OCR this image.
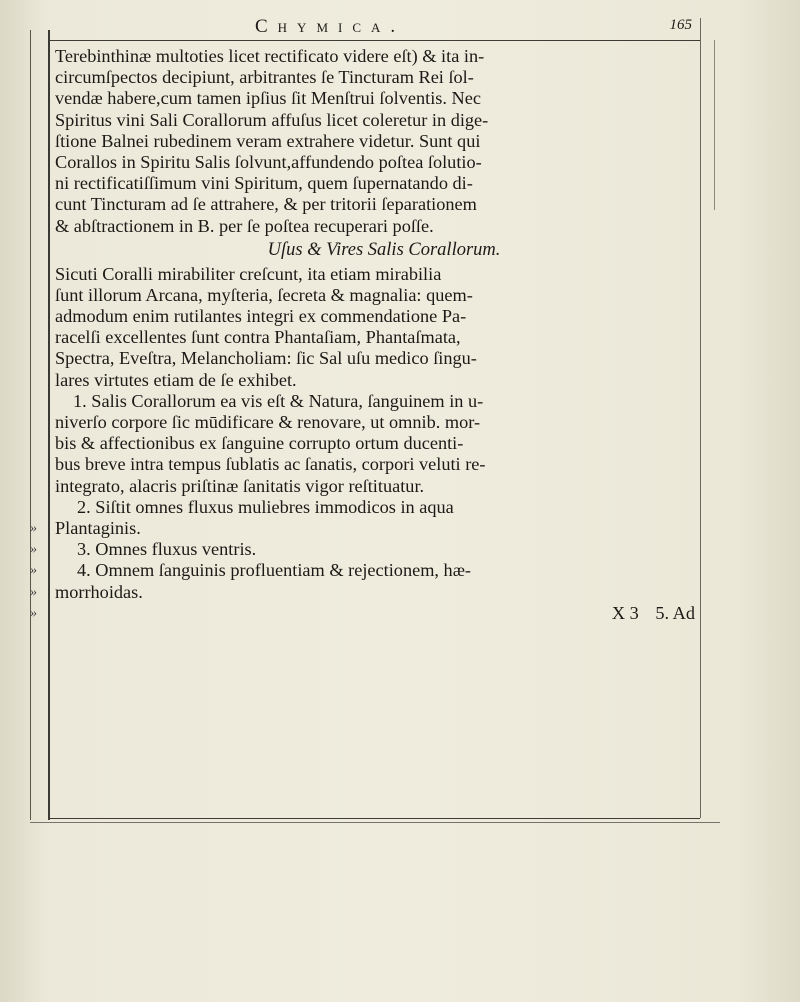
Chymica.	165
»
»
»
»
»
Terebinthinæ multoties licet rectificato videre eſt) & ita in-
circumſpectos decipiunt, arbitrantes ſe Tincturam Rei ſol-
vendæ habere,cum tamen ipſius ſit Menſtrui ſolventis. Nec
Spiritus vini Sali Corallorum affuſus licet coleretur in dige-
ſtione Balnei rubedinem veram extrahere videtur. Sunt qui
Corallos in Spiritu Salis ſolvunt,affundendo poſtea ſolutio-
ni rectificatiſſimum vini Spiritum, quem ſupernatando di-
cunt Tincturam ad ſe attrahere, & per tritorii ſeparationem
& abſtractionem in B. per ſe poſtea recuperari poſſe.
Uſus & Vires Salis Corallorum.
Sicuti Coralli mirabiliter creſcunt, ita etiam mirabilia
ſunt illorum Arcana, myſteria, ſecreta & magnalia: quem-
admodum enim rutilantes integri ex commendatione Pa-
racelſi excellentes ſunt contra Phantaſiam, Phantaſmata,
Spectra, Eveſtra, Melancholiam: ſic Sal uſu medico ſingu-
lares virtutes etiam de ſe exhibet.
1. Salis Corallorum ea vis eſt & Natura, ſanguinem in u-
niverſo corpore ſic mūdificare & renovare, ut omnib. mor-
bis & affectionibus ex ſanguine corrupto ortum ducenti-
bus breve intra tempus ſublatis ac ſanatis, corpori veluti re-
integrato, alacris priſtinæ ſanitatis vigor reſtituatur.
2. Siſtit omnes fluxus muliebres immodicos in aqua
Plantaginis.
3. Omnes fluxus ventris.
4. Omnem ſanguinis profluentiam & rejectionem, hæ-
morrhoidas.
X 3 5. Ad
